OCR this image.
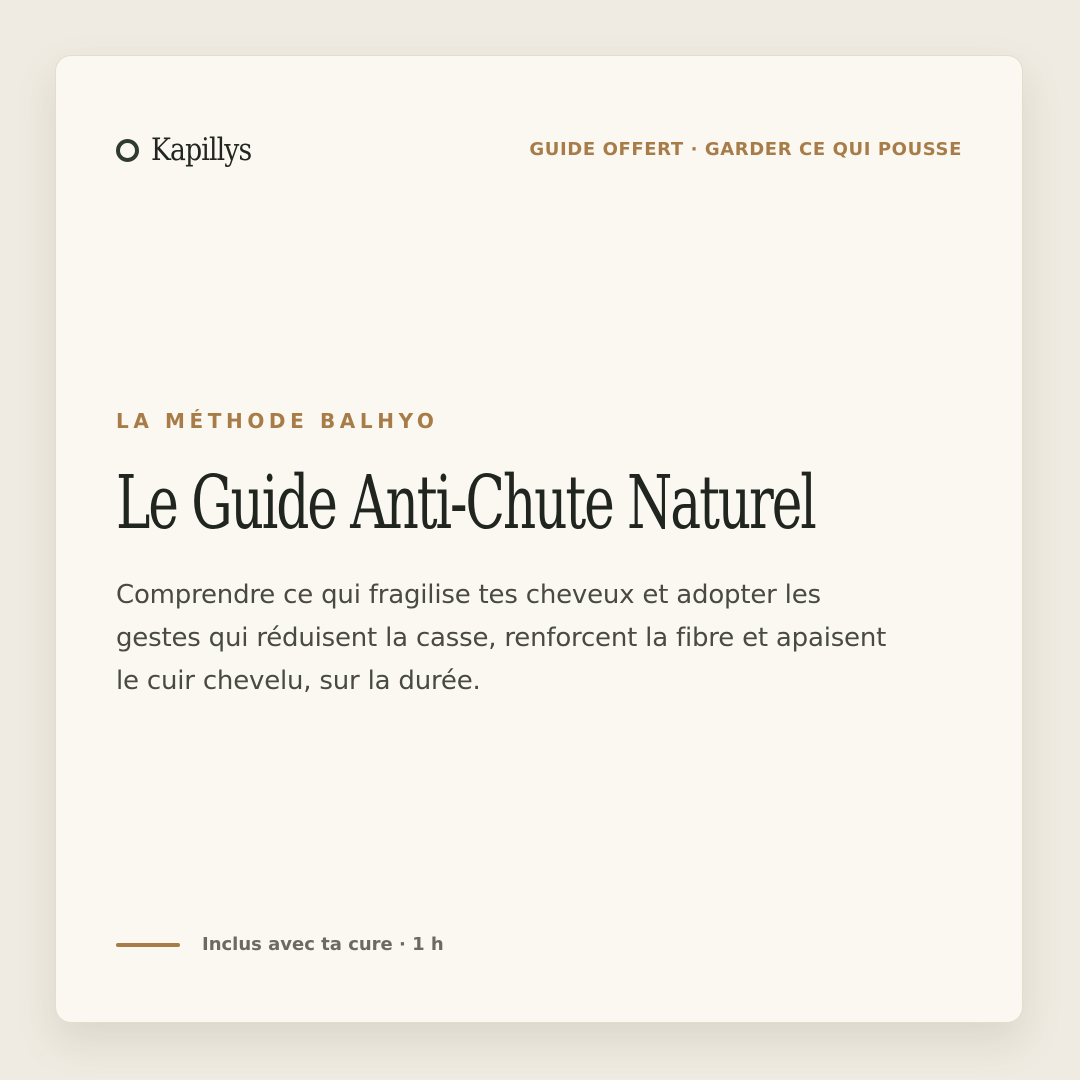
Kapillys	GUIDE OFFERT · GARDER CE QUI POUSSE
LA MÉTHODE BALHYO
Le Guide Anti-Chute Naturel

Comprendre ce qui fragilise tes cheveux et adopter les gestes qui réduisent la casse, renforcent la fibre et apaisent le cuir chevelu, sur la durée.

Inclus avec ta cure · 1 h
